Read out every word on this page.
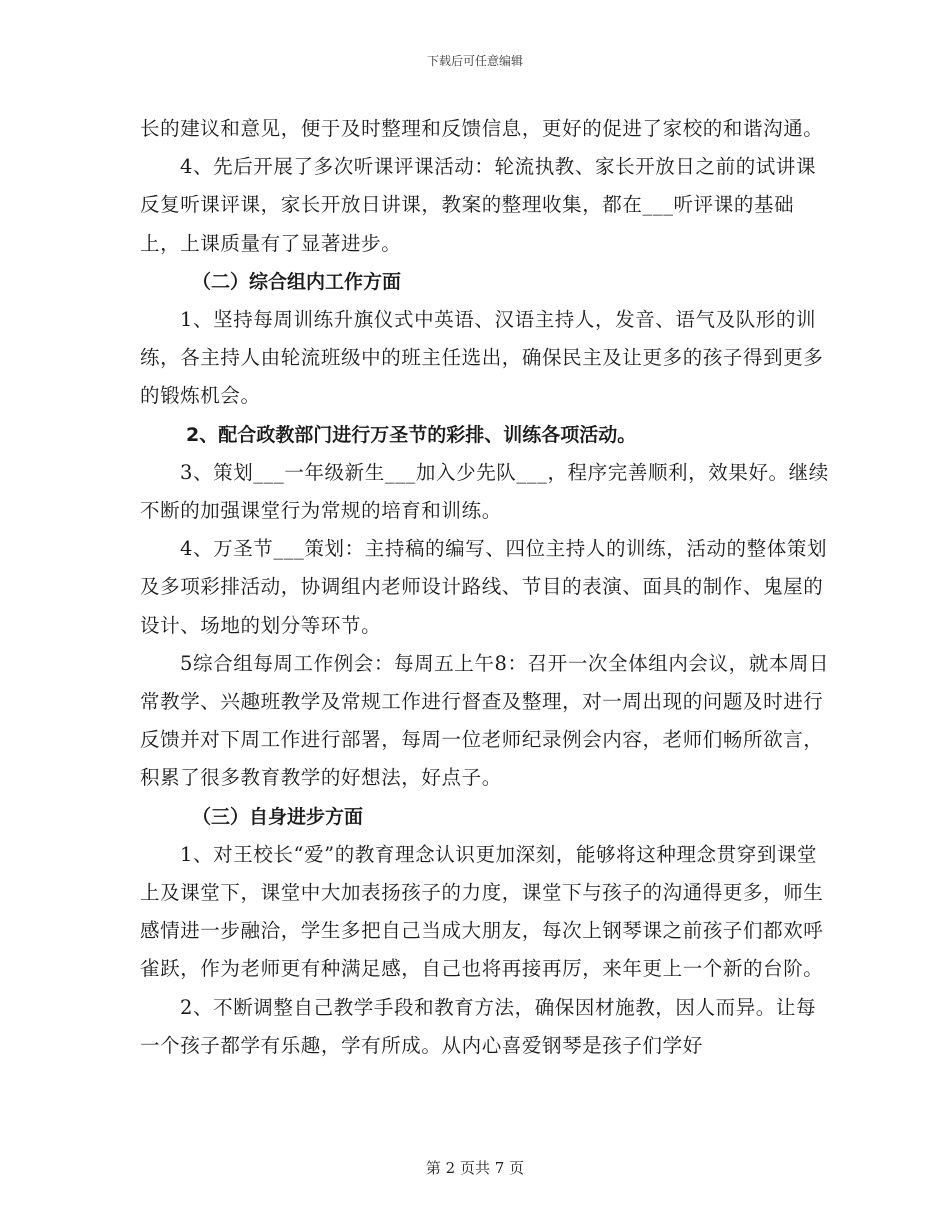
下载后可任意编辑

长的建议和意见，便于及时整理和反馈信息，更好的促进了家校的和谐沟通。

4、先后开展了多次听课评课活动：轮流执教、家长开放日之前的试讲课反复听课评课，家长开放日讲课，教案的整理收集，都在___听评课的基础上，上课质量有了显著进步。

（二）综合组内工作方面

1、坚持每周训练升旗仪式中英语、汉语主持人，发音、语气及队形的训练，各主持人由轮流班级中的班主任选出，确保民主及让更多的孩子得到更多的锻炼机会。

2、配合政教部门进行万圣节的彩排、训练各项活动。

3、策划___一年级新生___加入少先队___，程序完善顺利，效果好。继续不断的加强课堂行为常规的培育和训练。

4、万圣节___策划：主持稿的编写、四位主持人的训练，活动的整体策划及多项彩排活动，协调组内老师设计路线、节目的表演、面具的制作、鬼屋的设计、场地的划分等环节。

5综合组每周工作例会：每周五上午8：召开一次全体组内会议，就本周日常教学、兴趣班教学及常规工作进行督查及整理，对一周出现的问题及时进行反馈并对下周工作进行部署，每周一位老师纪录例会内容，老师们畅所欲言，积累了很多教育教学的好想法，好点子。

（三）自身进步方面

1、对王校长“爱”的教育理念认识更加深刻，能够将这种理念贯穿到课堂上及课堂下，课堂中大加表扬孩子的力度，课堂下与孩子的沟通得更多，师生感情进一步融洽，学生多把自己当成大朋友，每次上钢琴课之前孩子们都欢呼雀跃，作为老师更有种满足感，自己也将再接再厉，来年更上一个新的台阶。

2、不断调整自己教学手段和教育方法，确保因材施教，因人而异。让每一个孩子都学有乐趣，学有所成。从内心喜爱钢琴是孩子们学好

第 2 页共 7 页
